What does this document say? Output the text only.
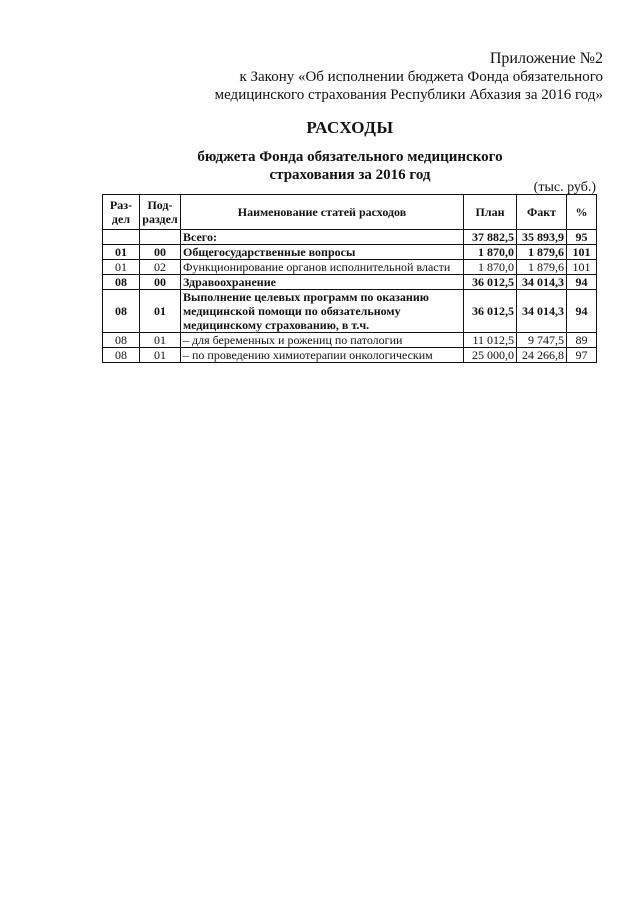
Приложение №2
к Закону «Об исполнении бюджета Фонда обязательного
медицинского страхования Республики Абхазия за 2016 год»
РАСХОДЫ
бюджета Фонда обязательного медицинского
страхования за 2016 год
(тыс. руб.)
Раз-дел	Под-раздел	Наименование статей расходов	План	Факт	%
		Всего:	37 882,5	35 893,9	95
01	00	Общегосударственные вопросы	1 870,0	1 879,6	101
01	02	Функционирование органов исполнительной власти	1 870,0	1 879,6	101
08	00	Здравоохранение	36 012,5	34 014,3	94
08	01	Выполнение целевых программ по оказанию медицинской помощи по обязательному медицинскому страхованию, в т.ч.	36 012,5	34 014,3	94
08	01	– для беременных и рожениц по патологии	11 012,5	9 747,5	89
08	01	– по проведению химиотерапии онкологическим	25 000,0	24 266,8	97
